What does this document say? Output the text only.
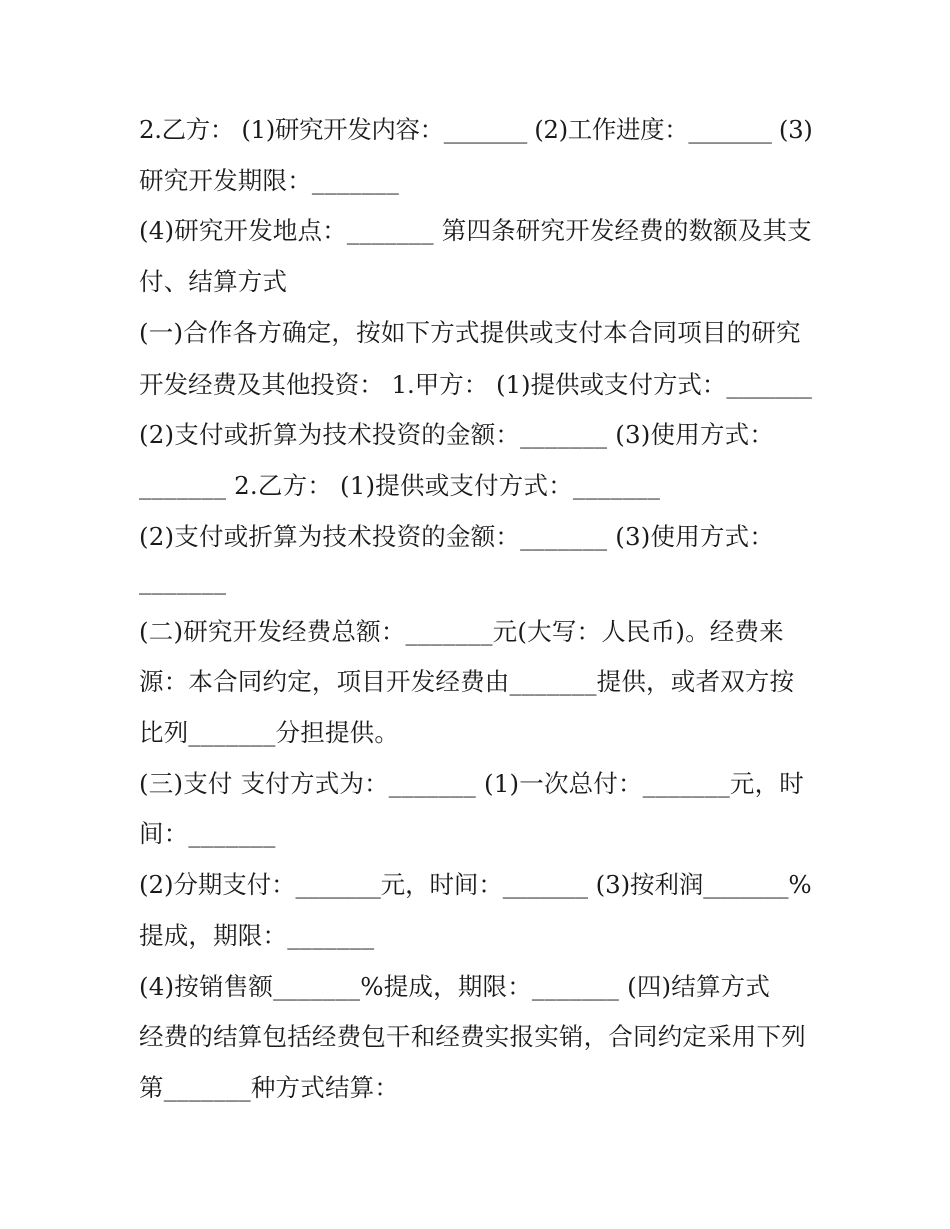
2.乙方： (1)研究开发内容：_______ (2)工作进度：_______ (3)
研究开发期限：_______
(4)研究开发地点：_______ 第四条研究开发经费的数额及其支
付、结算方式
(一)合作各方确定，按如下方式提供或支付本合同项目的研究
开发经费及其他投资： 1.甲方： (1)提供或支付方式：_______
(2)支付或折算为技术投资的金额：_______ (3)使用方式：
_______ 2.乙方： (1)提供或支付方式：_______
(2)支付或折算为技术投资的金额：_______ (3)使用方式：
_______
(二)研究开发经费总额：_______元(大写：人民币)。经费来
源：本合同约定，项目开发经费由_______提供，或者双方按
比列_______分担提供。
(三)支付 支付方式为：_______ (1)一次总付：_______元，时
间：_______
(2)分期支付：_______元，时间：_______ (3)按利润_______%
提成，期限：_______
(4)按销售额_______%提成，期限：_______ (四)结算方式
经费的结算包括经费包干和经费实报实销，合同约定采用下列
第_______种方式结算：
